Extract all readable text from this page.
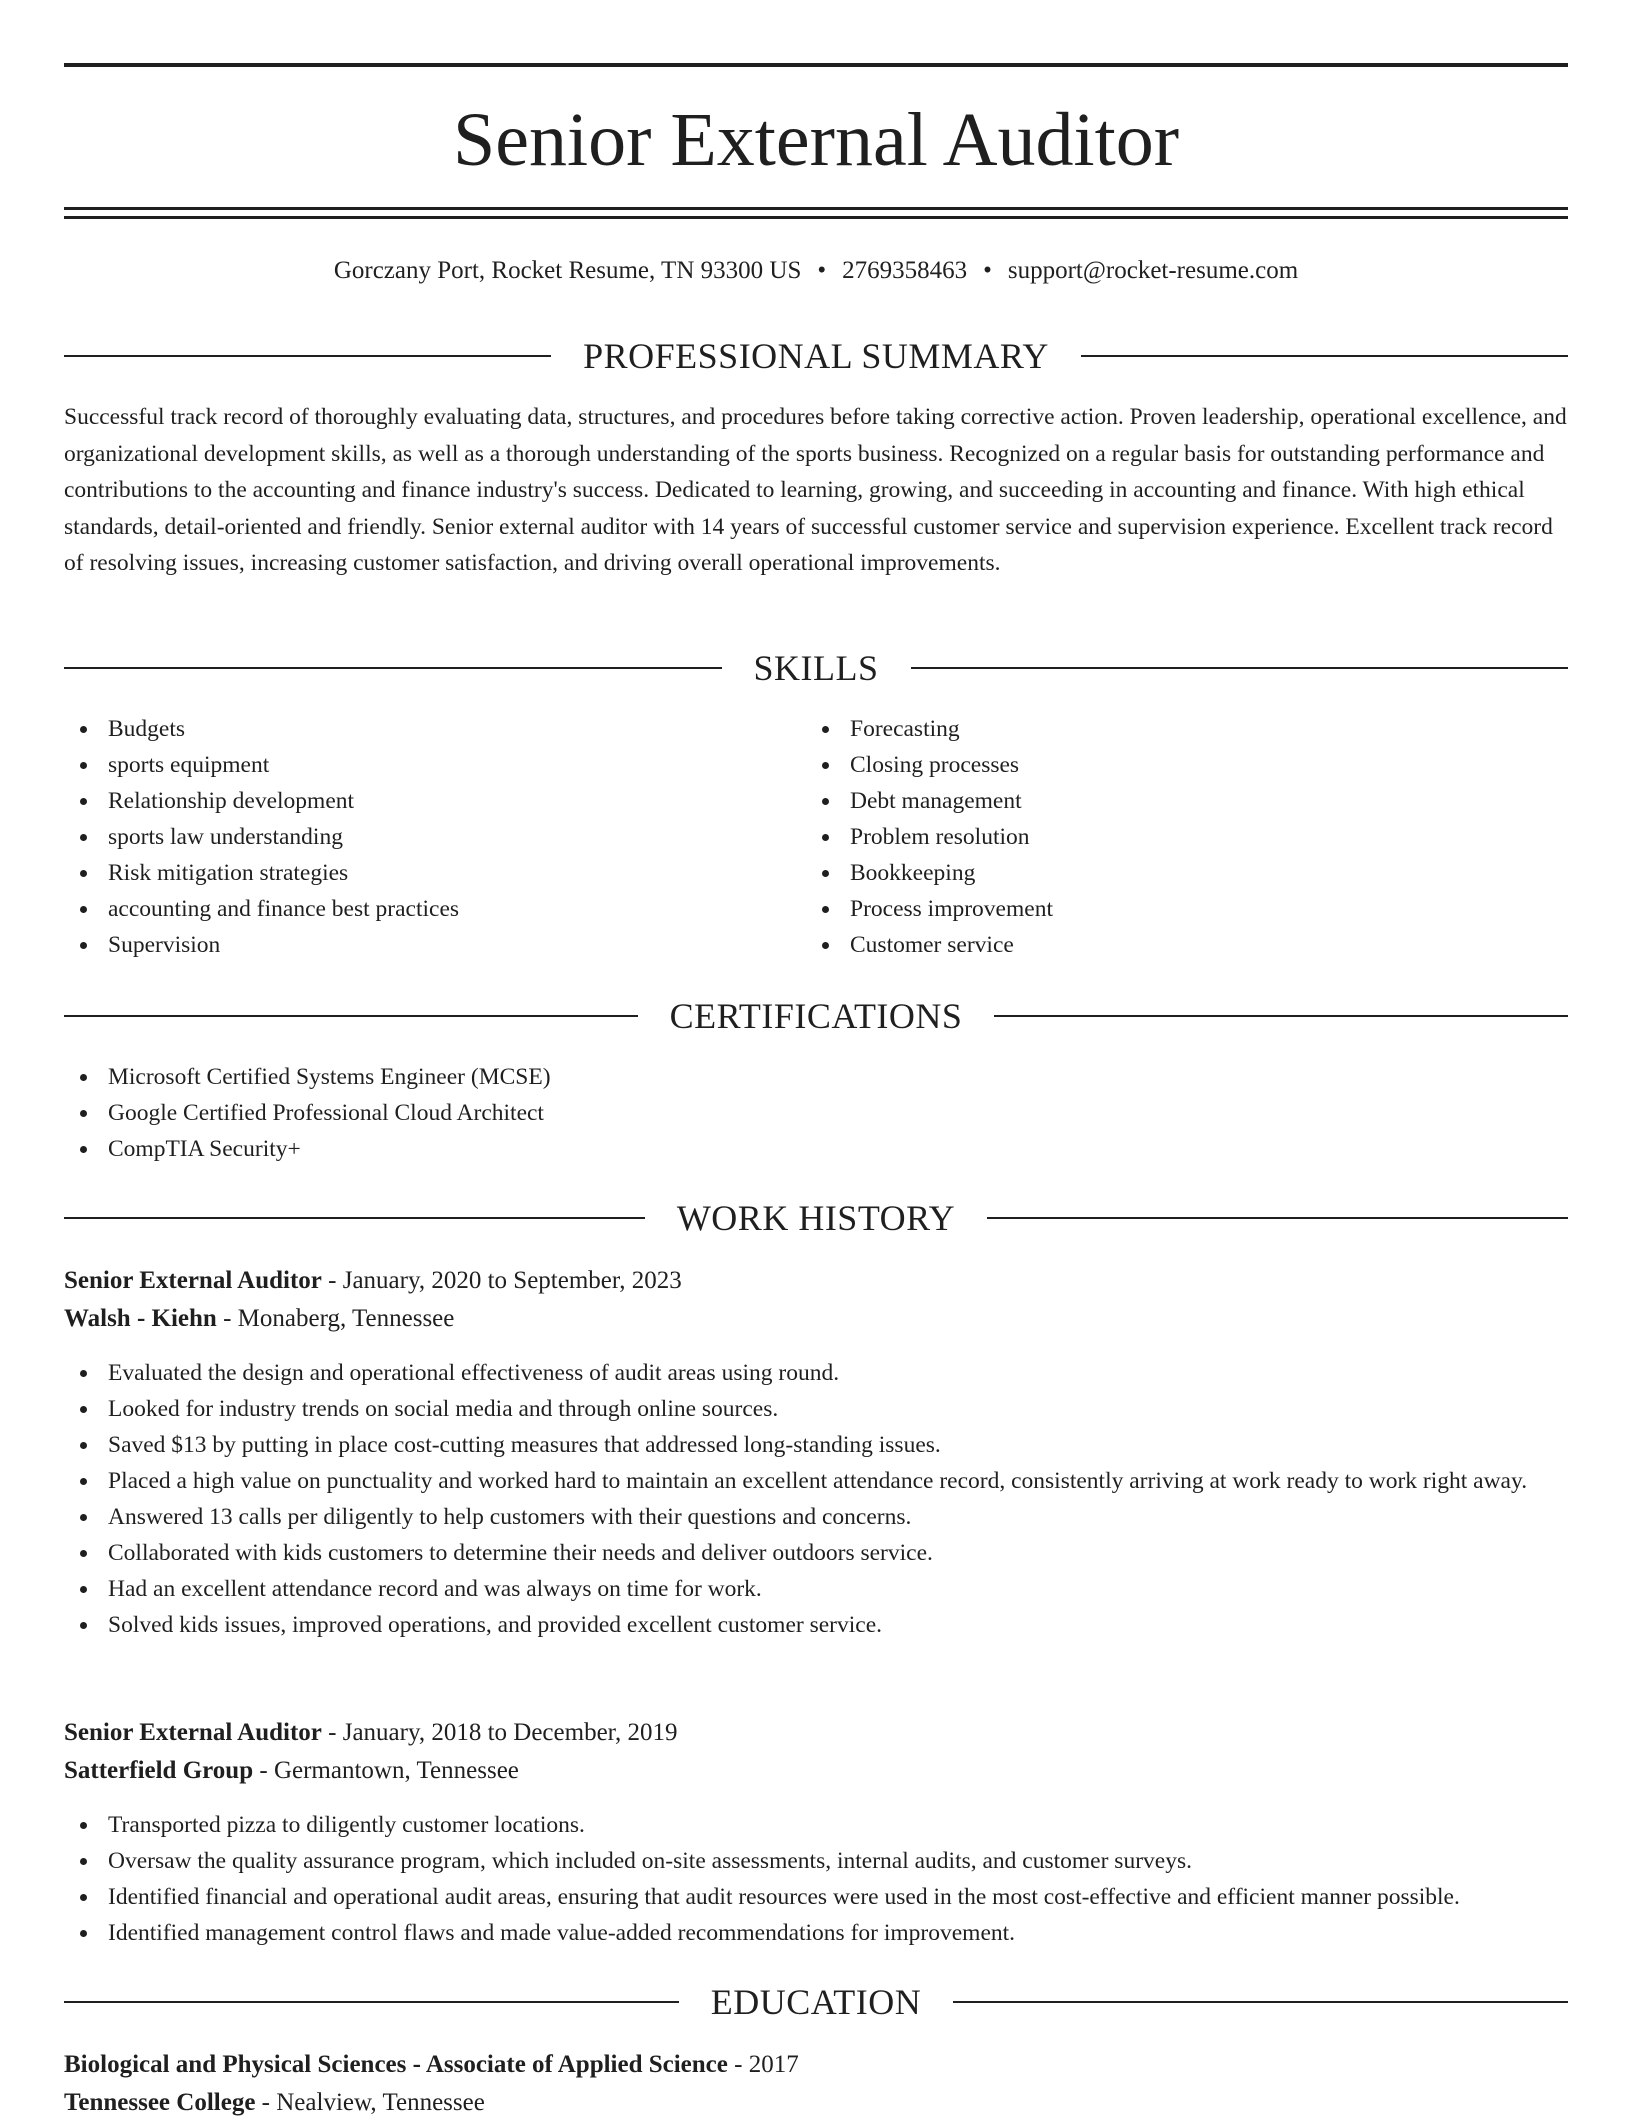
Senior External Auditor
Gorczany Port, Rocket Resume, TN 93300 US • 2769358463 • support@rocket-resume.com
PROFESSIONAL SUMMARY

Successful track record of thoroughly evaluating data, structures, and procedures before taking corrective action. Proven leadership, operational excellence, and organizational development skills, as well as a thorough understanding of the sports business. Recognized on a regular basis for outstanding performance and contributions to the accounting and finance industry's success. Dedicated to learning, growing, and succeeding in accounting and finance. With high ethical standards, detail-oriented and friendly. Senior external auditor with 14 years of successful customer service and supervision experience. Excellent track record of resolving issues, increasing customer satisfaction, and driving overall operational improvements.

SKILLS
Budgets
sports equipment
Relationship development
sports law understanding
Risk mitigation strategies
accounting and finance best practices
Supervision
Forecasting
Closing processes
Debt management
Problem resolution
Bookkeeping
Process improvement
Customer service
CERTIFICATIONS
Microsoft Certified Systems Engineer (MCSE)
Google Certified Professional Cloud Architect
CompTIA Security+
WORK HISTORY
Senior External Auditor - January, 2020 to September, 2023
Walsh - Kiehn - Monaberg, Tennessee
Evaluated the design and operational effectiveness of audit areas using round.
Looked for industry trends on social media and through online sources.
Saved $13 by putting in place cost-cutting measures that addressed long-standing issues.
Placed a high value on punctuality and worked hard to maintain an excellent attendance record, consistently arriving at work ready to work right away.
Answered 13 calls per diligently to help customers with their questions and concerns.
Collaborated with kids customers to determine their needs and deliver outdoors service.
Had an excellent attendance record and was always on time for work.
Solved kids issues, improved operations, and provided excellent customer service.
Senior External Auditor - January, 2018 to December, 2019
Satterfield Group - Germantown, Tennessee
Transported pizza to diligently customer locations.
Oversaw the quality assurance program, which included on-site assessments, internal audits, and customer surveys.
Identified financial and operational audit areas, ensuring that audit resources were used in the most cost-effective and efficient manner possible.
Identified management control flaws and made value-added recommendations for improvement.
EDUCATION
Biological and Physical Sciences - Associate of Applied Science - 2017
Tennessee College - Nealview, Tennessee
